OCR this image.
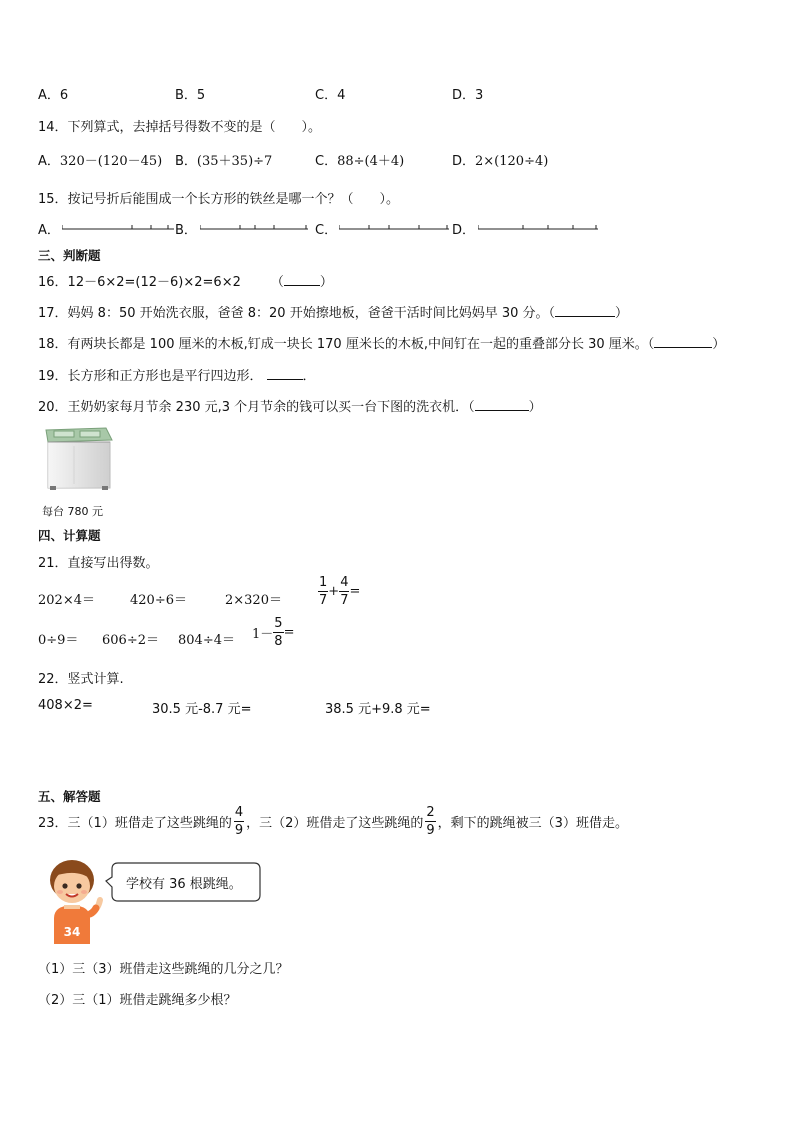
A．6	B．5	C．4	D．3
14．下列算式，去掉括号得数不变的是（　　）。
A．320－(120－45) B．(35＋35)÷7	C．88÷(4＋4)	D．2×(120÷4)
15．按记号折后能围成一个长方形的铁丝是哪一个？（　　）。
A．	B．	C．	D．
三、判断题
16．12－6×2=(12－6)×2=6×2 （	）
17．妈妈 8：50 开始洗衣服，爸爸 8：20 开始擦地板，爸爸干活时间比妈妈早 30 分。（	）
18．有两块长都是 100 厘米的木板,钉成一块长 170 厘米长的木板,中间钉在一起的重叠部分长 30 厘米。（	）
19．长方形和正方形也是平行四边形．	．
20．王奶奶家每月节余 230 元,3 个月节余的钱可以买一台下图的洗衣机．（	）
每台 780 元
四、计算题
21．直接写出得数。
202×4＝	420÷6＝	2×320＝	$\frac{1}{7} + \frac{4}{7}$ =
$0\div 9= 606\div 2= 804\div 4= 1- \frac{5}{8}$ =
22．竖式计算.
408×2=	30.5 元-8.7 元=	38.5 元+9.8 元=
五、解答题
23．三（1）班借走了这些跳绳的 $\frac{4}{9}$ ，三（2）班借走了这些跳绳的 $\frac{2}{9}$ ，剩下的跳绳被三（3）班借走。
34
学校有 36 根跳绳。
（1）三（3）班借走这些跳绳的几分之几？
（2）三（1）班借走跳绳多少根？
